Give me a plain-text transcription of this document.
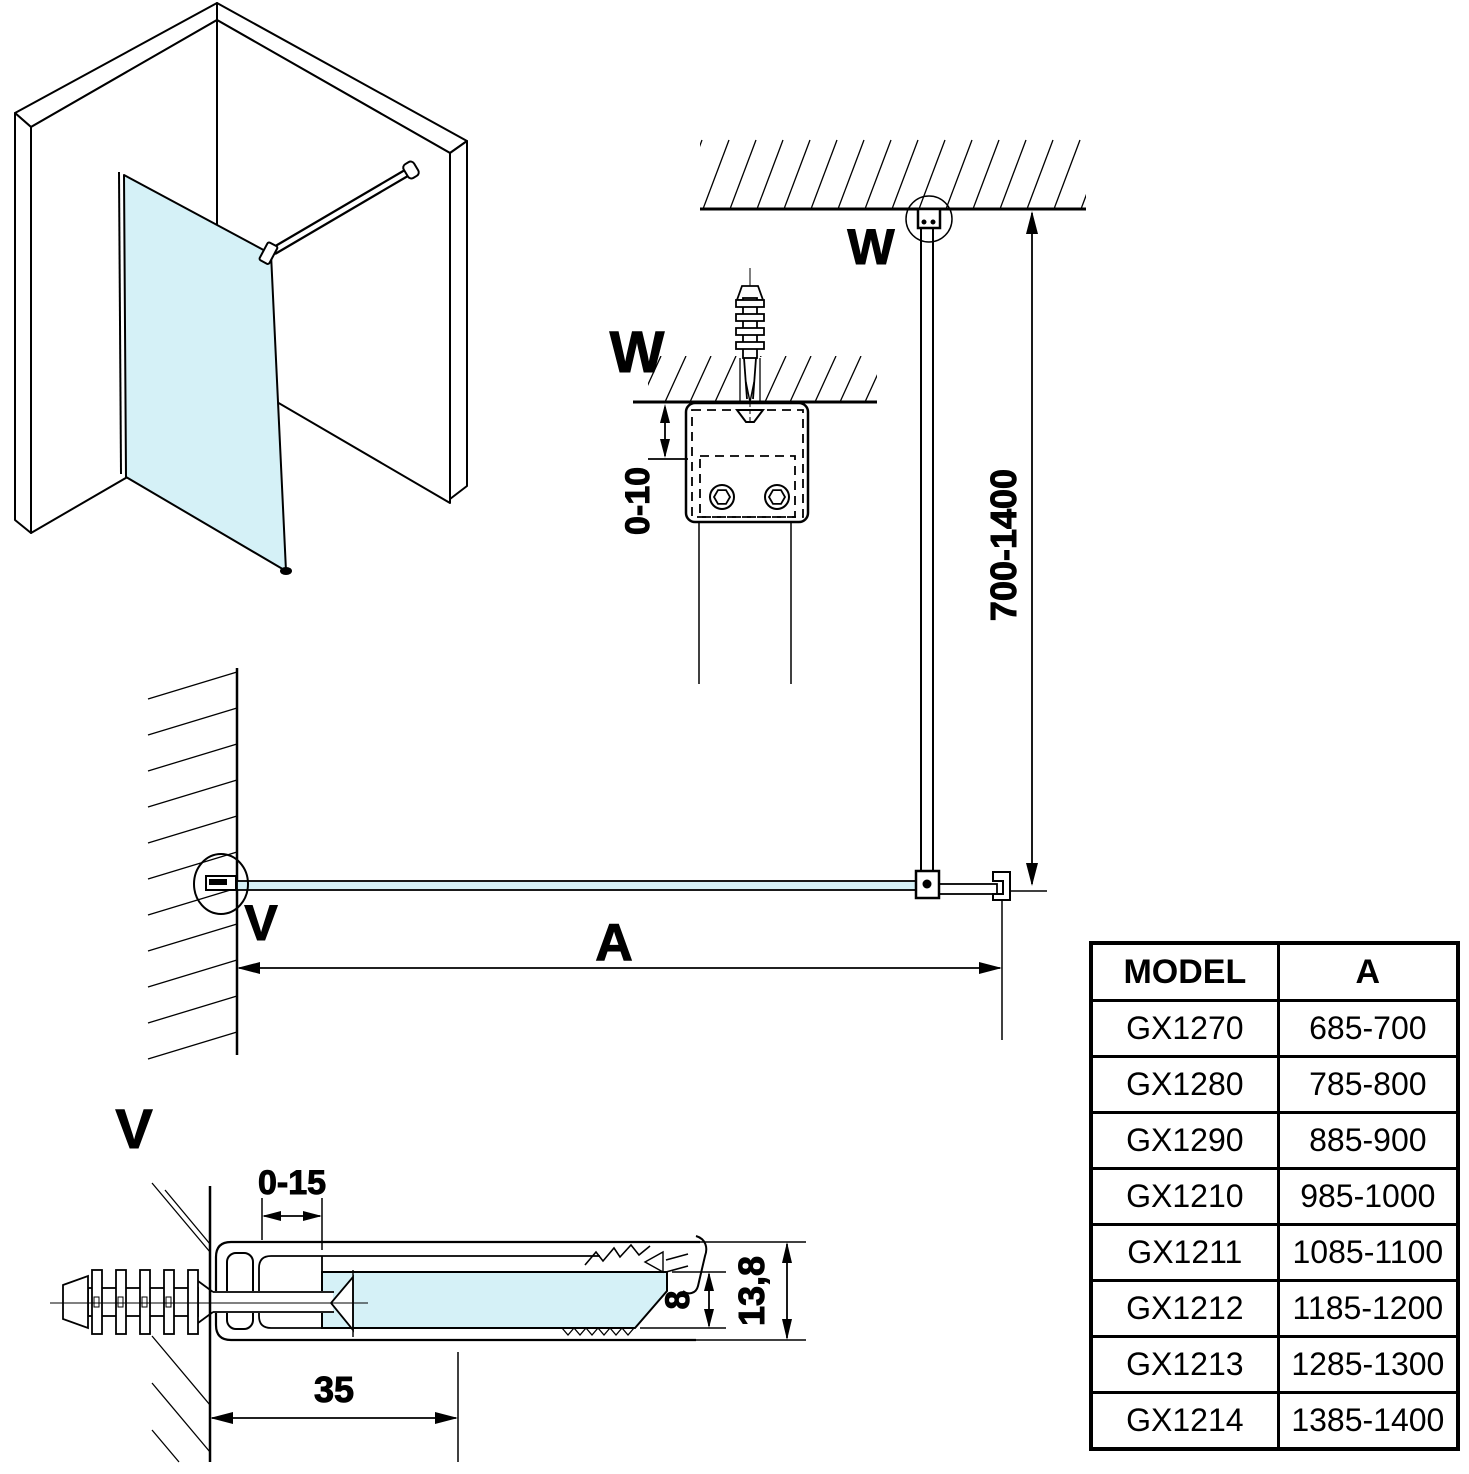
W
0-10
W
700-1400
V	A
V
0-15
35
8 13,8
MODEL	A
GX1270	685-700
GX1280	785-800
GX1290	885-900
GX1210	985-1000
GX1211	1085-1100
GX1212	1185-1200
GX1213	1285-1300
GX1214	1385-1400
